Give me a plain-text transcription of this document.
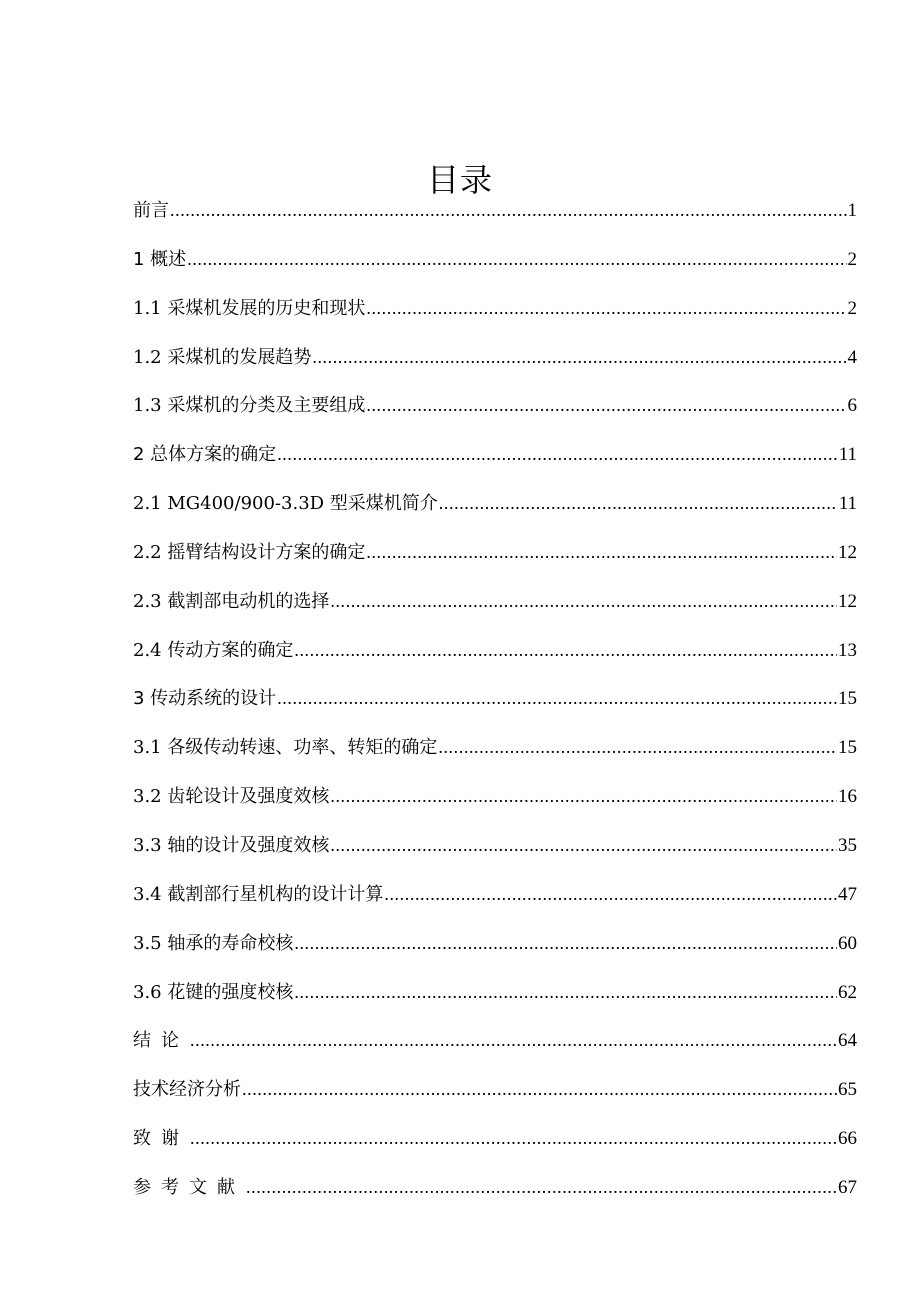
目录
前言 .....	1
1 概述 .....	2
1.1 采煤机发展的历史和现状 .....	2
1.2 采煤机的发展趋势 .....	4
1.3 采煤机的分类及主要组成 .....	6
2 总体方案的确定 .....	11
2.1 MG400/900-3.3D 型采煤机简介 .....	11
2.2 摇臂结构设计方案的确定 .....	12
2.3 截割部电动机的选择 .....	12
2.4 传动方案的确定 .....	13
3 传动系统的设计 .....	15
3.1 各级传动转速、功率、转矩的确定 .....	15
3.2 齿轮设计及强度效核 .....	16
3.3 轴的设计及强度效核 .....	35
3.4 截割部行星机构的设计计算 .....	47
3.5 轴承的寿命校核 .....	60
3.6 花键的强度校核 .....	62
结论 .....	64
技术经济分析 .....	65
致谢 .....	66
参考文献 .....	67
